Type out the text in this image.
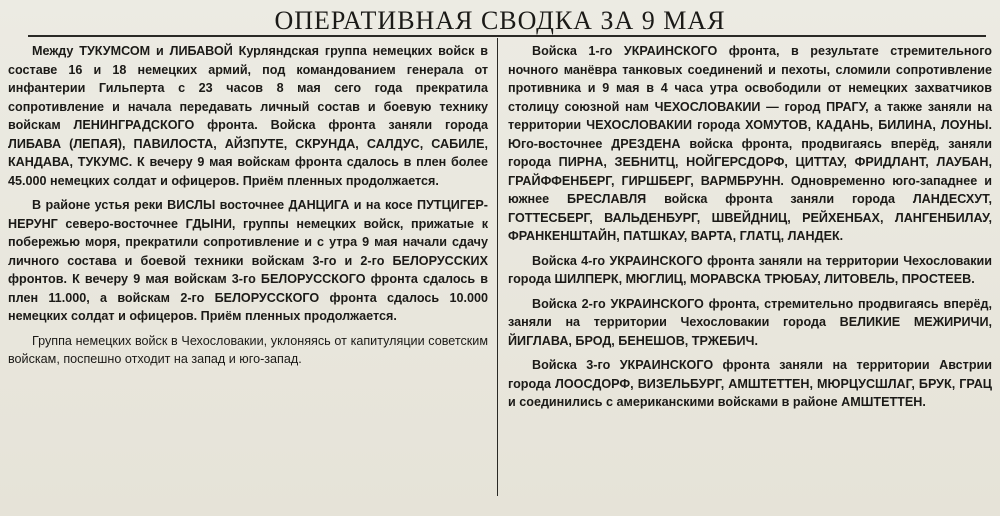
ОПЕРАТИВНАЯ СВОДКА ЗА 9 МАЯ

Между ТУКУМСОМ и ЛИБАВОЙ Курляндская группа немецких войск в составе 16 и 18 немецких армий, под командованием генерала от инфантерии Гильперта с 23 часов 8 мая сего года прекратила сопротивление и начала передавать личный состав и боевую технику войскам ЛЕНИНГРАДСКОГО фронта. Войска фронта заняли города ЛИБАВА (ЛЕПАЯ), ПАВИЛОСТА, АЙЗПУТЕ, СКРУНДА, САЛДУС, САБИЛЕ, КАНДАВА, ТУКУМС. К вечеру 9 мая войскам фронта сдалось в плен более 45.000 немецких солдат и офицеров. Приём пленных продолжается.

В районе устья реки ВИСЛЫ восточнее ДАНЦИГА и на косе ПУТЦИГЕР-НЕРУНГ северо-восточнее ГДЫНИ, группы немецких войск, прижатые к побережью моря, прекратили сопротивление и с утра 9 мая начали сдачу личного состава и боевой техники войскам 3-го и 2-го БЕЛОРУССКИХ фронтов. К вечеру 9 мая войскам 3-го БЕЛОРУССКОГО фронта сдалось в плен 11.000, а войскам 2-го БЕЛОРУССКОГО фронта сдалось 10.000 немецких солдат и офицеров. Приём пленных продолжается.

Группа немецких войск в Чехословакии, уклоняясь от капитуляции советским войскам, поспешно отходит на запад и юго-запад.

Войска 1-го УКРАИНСКОГО фронта, в результате стремительного ночного манёвра танковых соединений и пехоты, сломили сопротивление противника и 9 мая в 4 часа утра освободили от немецких захватчиков столицу союзной нам ЧЕХОСЛОВАКИИ — город ПРАГУ, а также заняли на территории ЧЕХОСЛОВАКИИ города ХОМУТОВ, КАДАНЬ, БИЛИНА, ЛОУНЫ. Юго-восточнее ДРЕЗДЕНА войска фронта, продвигаясь вперёд, заняли города ПИРНА, ЗЕБНИТЦ, НОЙГЕРСДОРФ, ЦИТТАУ, ФРИДЛАНТ, ЛАУБАН, ГРАЙФФЕНБЕРГ, ГИРШБЕРГ, ВАРМБРУНН. Одновременно юго-западнее и южнее БРЕСЛАВЛЯ войска фронта заняли города ЛАНДЕСХУТ, ГОТТЕСБЕРГ, ВАЛЬДЕНБУРГ, ШВЕЙДНИЦ, РЕЙХЕНБАХ, ЛАНГЕНБИЛАУ, ФРАНКЕНШТАЙН, ПАТШКАУ, ВАРТА, ГЛАТЦ, ЛАНДЕК.

Войска 4-го УКРАИНСКОГО фронта заняли на территории Чехословакии города ШИЛПЕРК, МЮГЛИЦ, МОРАВСКА ТРЮБАУ, ЛИТОВЕЛЬ, ПРОСТЕЕВ.

Войска 2-го УКРАИНСКОГО фронта, стремительно продвигаясь вперёд, заняли на территории Чехословакии города ВЕЛИКИЕ МЕЖИРИЧИ, ЙИГЛАВА, БРОД, БЕНЕШОВ, ТРЖЕБИЧ.

Войска 3-го УКРАИНСКОГО фронта заняли на территории Австрии города ЛООСДОРФ, ВИЗЕЛЬБУРГ, АМШТЕТТЕН, МЮРЦУСШЛАГ, БРУК, ГРАЦ и соединились с американскими войсками в районе АМШТЕТТЕН.
